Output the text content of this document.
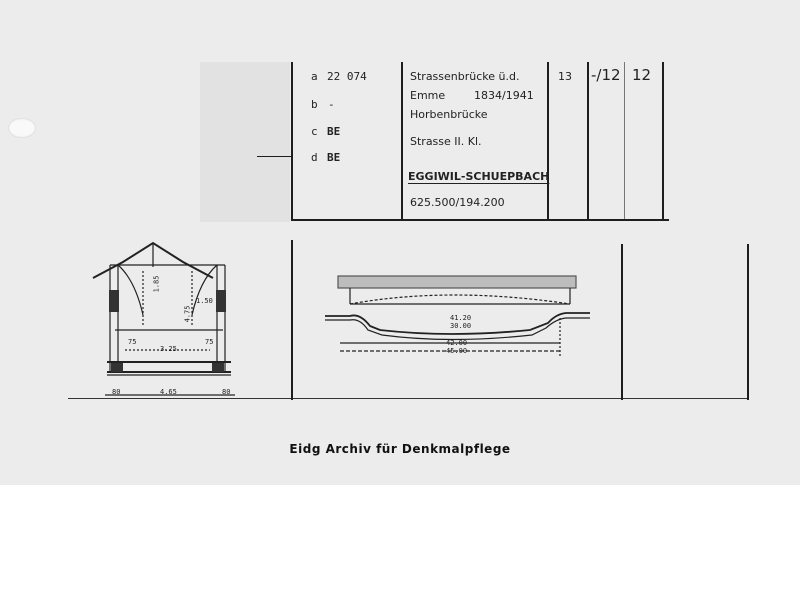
a 22 074
b -
c BE
d BE
Strassenbrücke ü.d.
Emme	1834/1941
Horbenbrücke
Strasse II. Kl.
EGGIWIL-SCHUEPBACH
625.500/194.200
13 -/12 12
1.85
1.50
4.75
75
3.25
75
80	4.65	80
41.20
30.00
42.00
45.00
Eidg Archiv für Denkmalpflege
